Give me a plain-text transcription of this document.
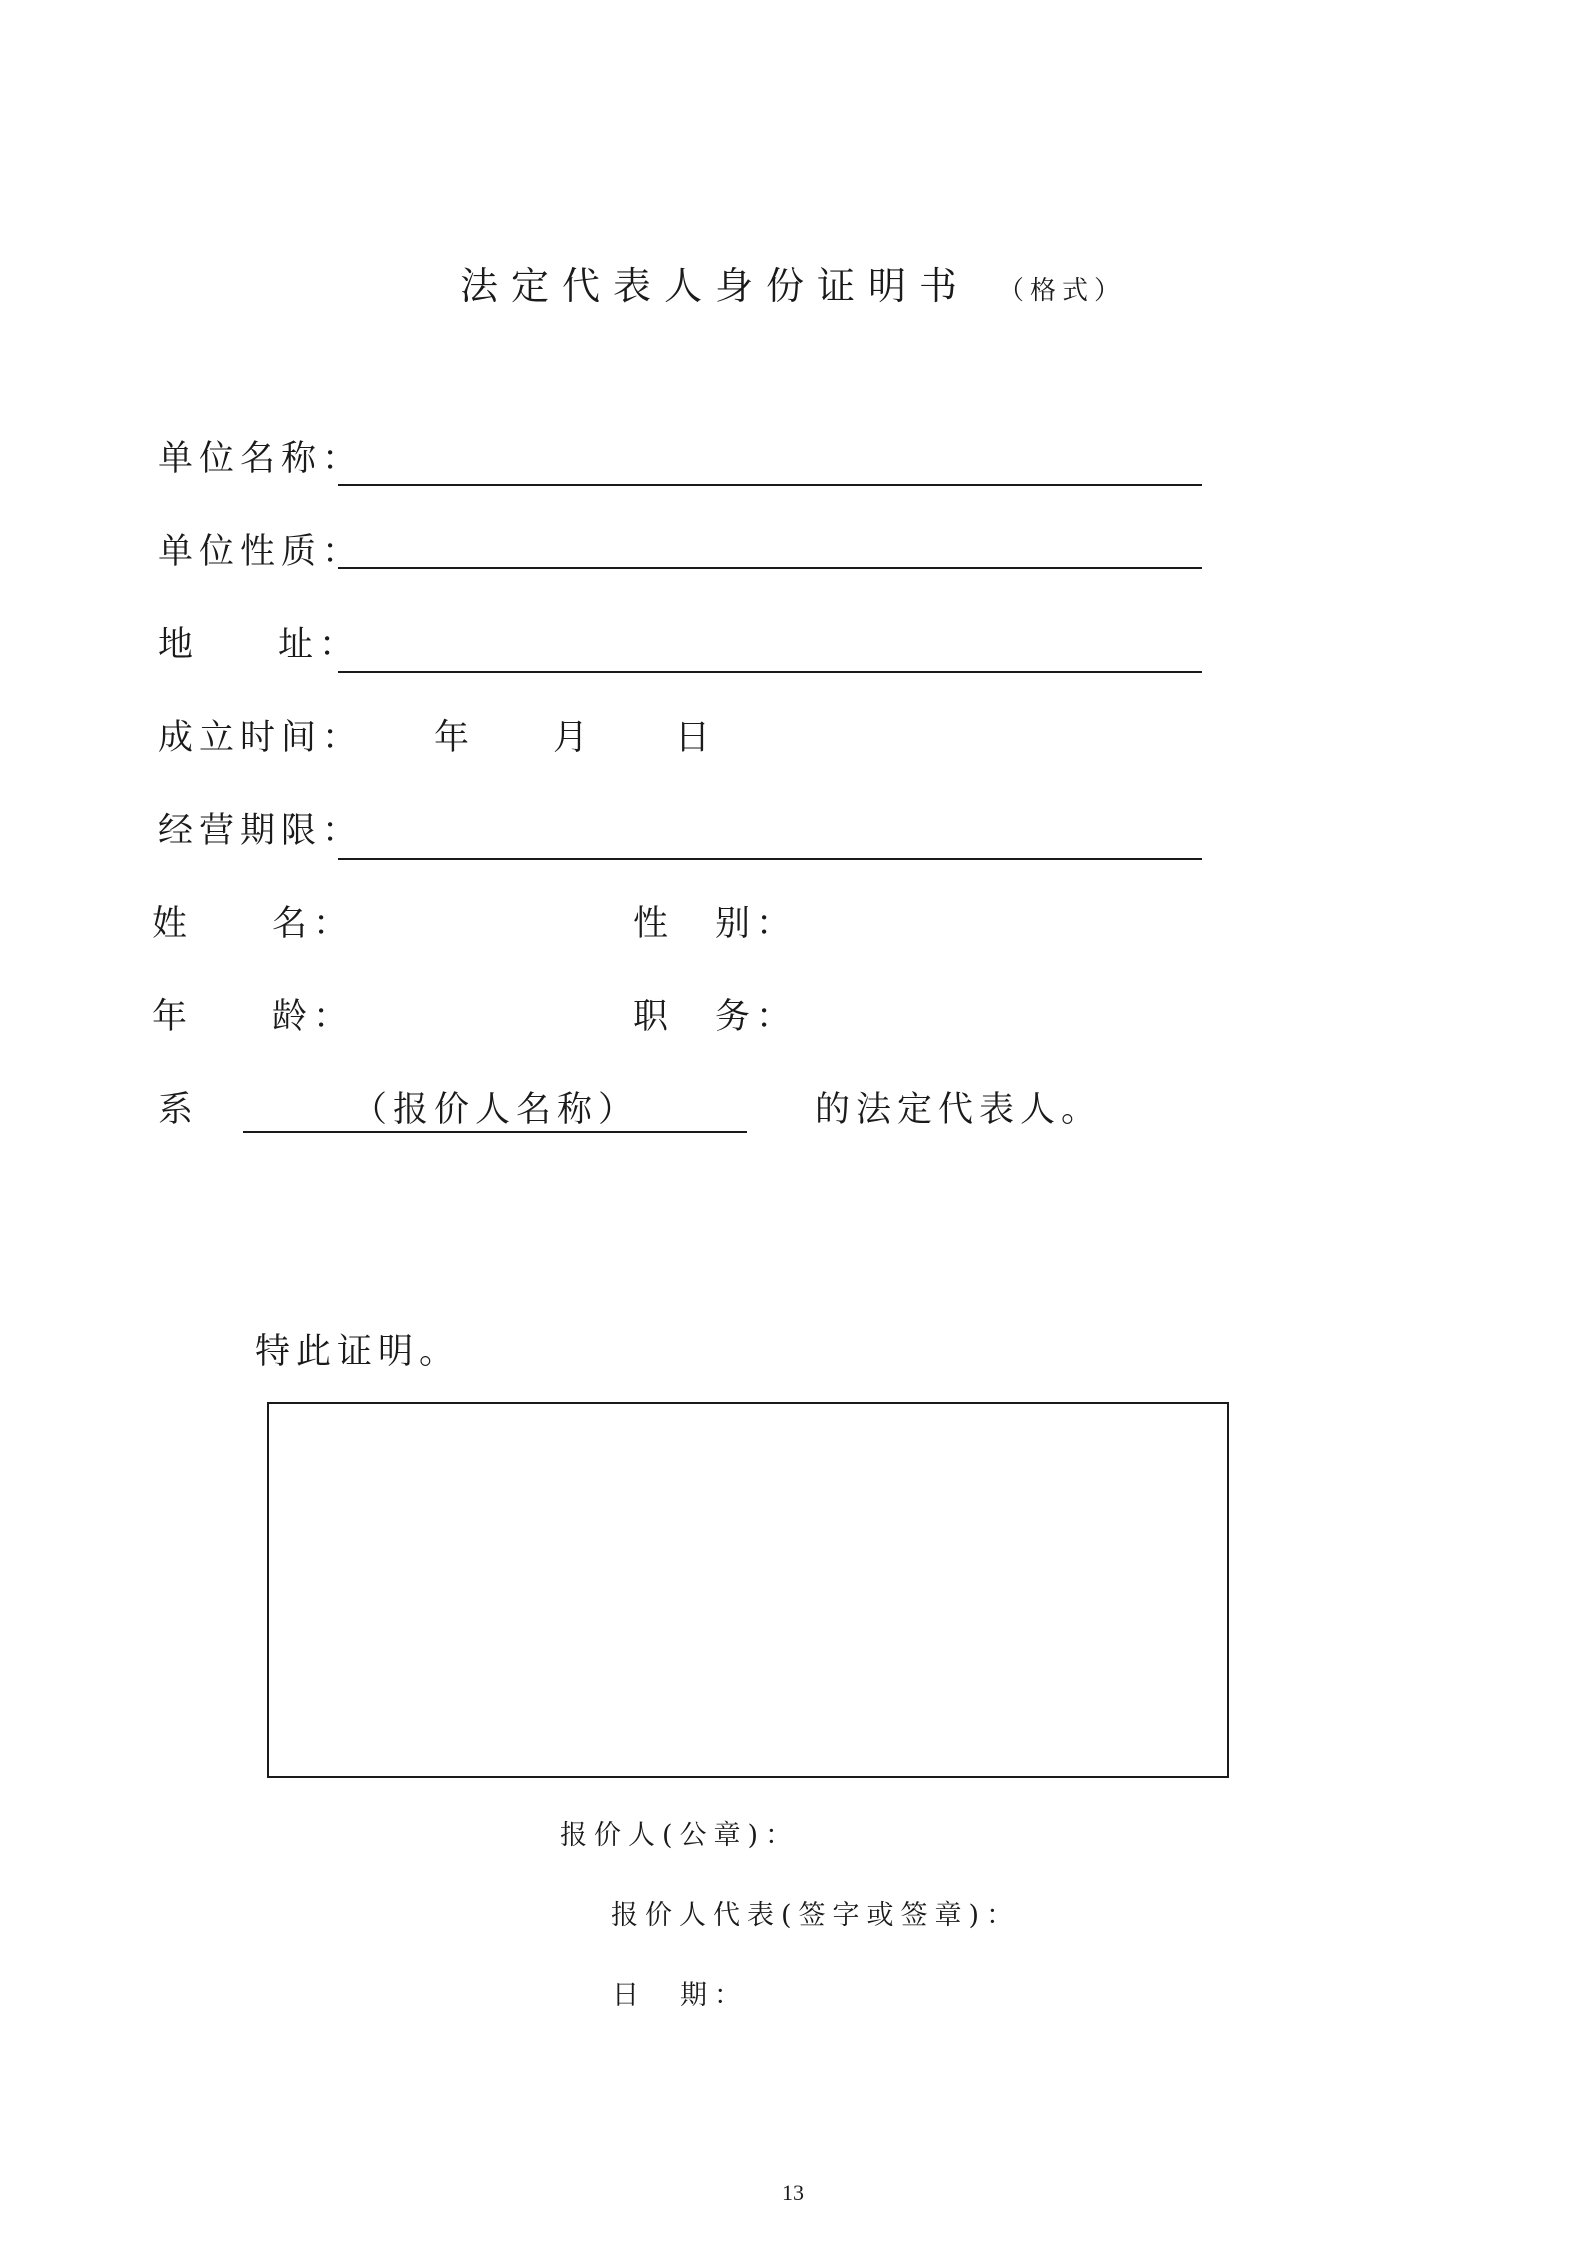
法定代表人身份证明书 （格式）
单位名称：
单位性质：
地 址：
成立时间： 年 月 日
经营期限：
姓 名：	性　别：
年 龄：	职　务：
系	（报价人名称）	的法定代表人。
特此证明。
报价人(公章)：
报价人代表(签字或签章)：
日　期：
13
